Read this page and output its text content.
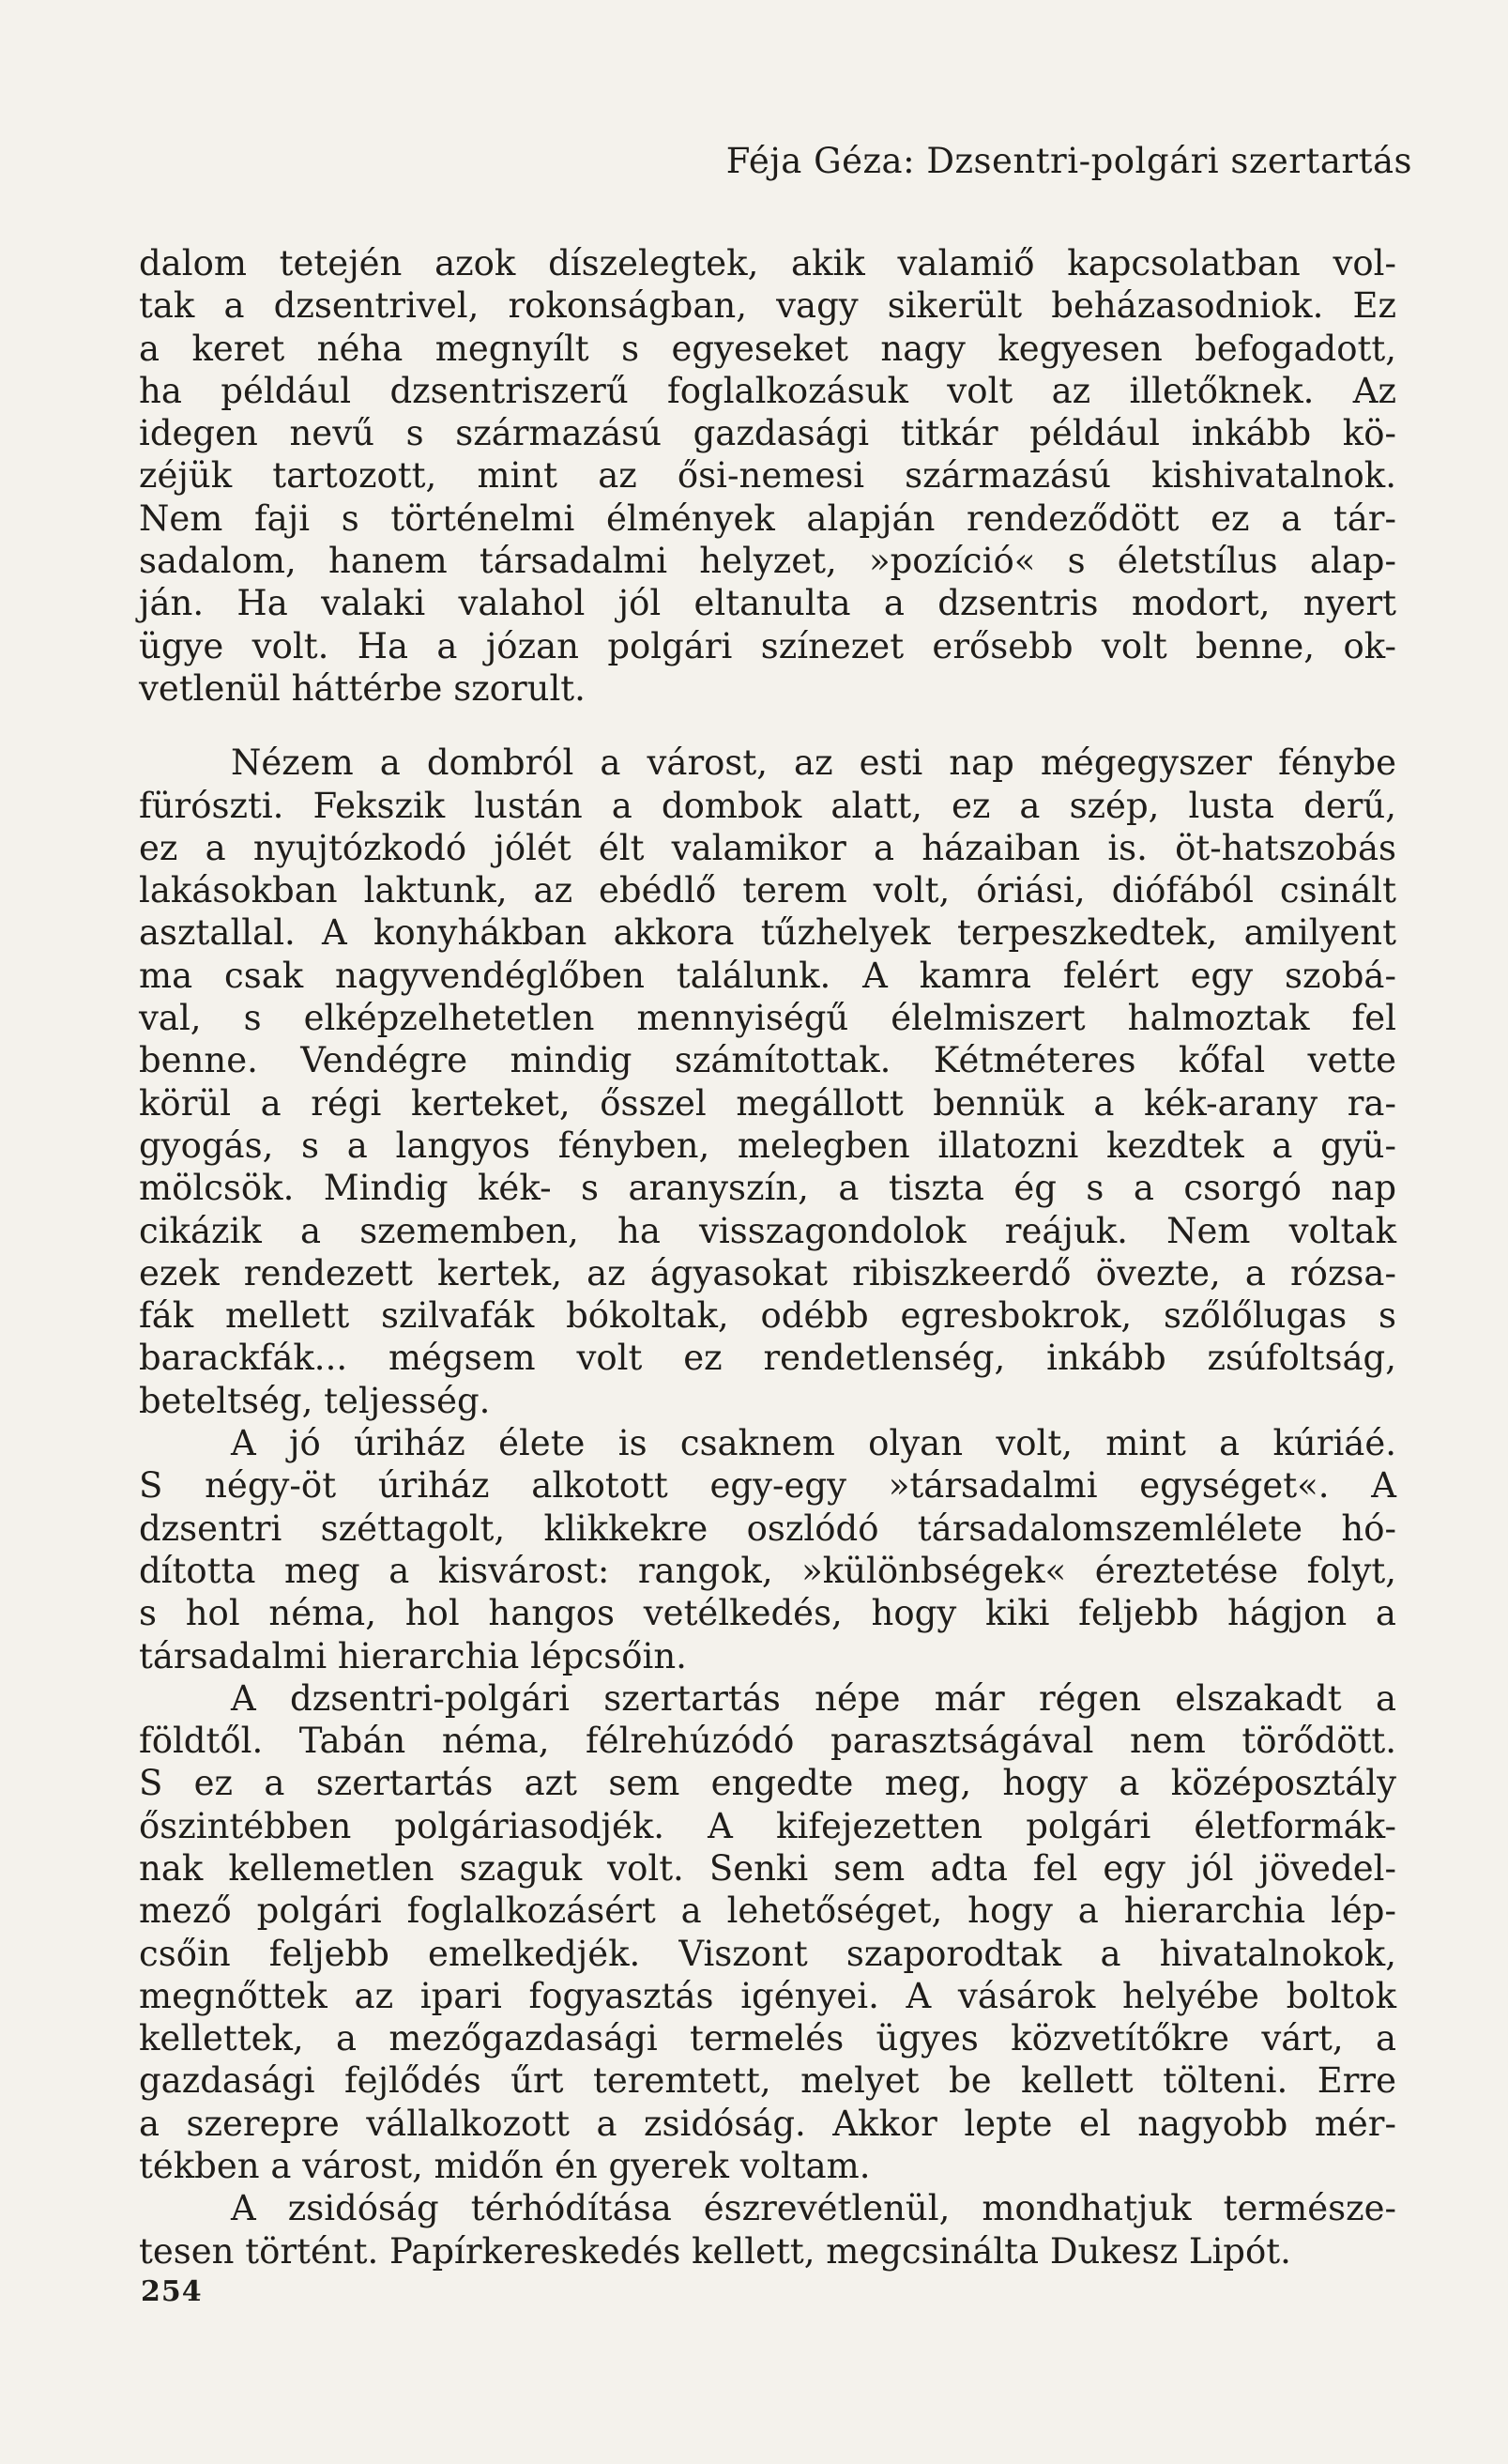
Féja Géza: Dzsentri-polgári szertartás
dalom tetején azok díszelegtek, akik valamiő kapcsolatban vol-
tak a dzsentrivel, rokonságban, vagy sikerült beházasodniok. Ez
a keret néha megnyílt s egyeseket nagy kegyesen befogadott,
ha például dzsentriszerű foglalkozásuk volt az illetőknek. Az
idegen nevű s származású gazdasági titkár például inkább kö-
zéjük tartozott, mint az ősi-nemesi származású kishivatalnok.
Nem faji s történelmi élmények alapján rendeződött ez a tár-
sadalom, hanem társadalmi helyzet, »pozíció« s életstílus alap-
ján. Ha valaki valahol jól eltanulta a dzsentris modort, nyert
ügye volt. Ha a józan polgári színezet erősebb volt benne, ok-
vetlenül háttérbe szorult.
Nézem a dombról a várost, az esti nap mégegyszer fénybe
fürószti. Fekszik lustán a dombok alatt, ez a szép, lusta derű,
ez a nyujtózkodó jólét élt valamikor a házaiban is. öt-hatszobás
lakásokban laktunk, az ebédlő terem volt, óriási, diófából csinált
asztallal. A konyhákban akkora tűzhelyek terpeszkedtek, amilyent
ma csak nagyvendéglőben találunk. A kamra felért egy szobá-
val, s elképzelhetetlen mennyiségű élelmiszert halmoztak fel
benne. Vendégre mindig számítottak. Kétméteres kőfal vette
körül a régi kerteket, ősszel megállott bennük a kék-arany ra-
gyogás, s a langyos fényben, melegben illatozni kezdtek a gyü-
mölcsök. Mindig kék- s aranyszín, a tiszta ég s a csorgó nap
cikázik a szememben, ha visszagondolok reájuk. Nem voltak
ezek rendezett kertek, az ágyasokat ribiszkeerdő övezte, a rózsa-
fák mellett szilvafák bókoltak, odébb egresbokrok, szőlőlugas s
barackfák... mégsem volt ez rendetlenség, inkább zsúfoltság,
beteltség, teljesség.
A jó úriház élete is csaknem olyan volt, mint a kúriáé.
S négy-öt úriház alkotott egy-egy »társadalmi egységet«. A
dzsentri széttagolt, klikkekre oszlódó társadalomszemlélete hó-
dította meg a kisvárost: rangok, »különbségek« éreztetése folyt,
s hol néma, hol hangos vetélkedés, hogy kiki feljebb hágjon a
társadalmi hierarchia lépcsőin.
A dzsentri-polgári szertartás népe már régen elszakadt a
földtől. Tabán néma, félrehúzódó parasztságával nem törődött.
S ez a szertartás azt sem engedte meg, hogy a középosztály
őszintébben polgáriasodjék. A kifejezetten polgári életformák-
nak kellemetlen szaguk volt. Senki sem adta fel egy jól jövedel-
mező polgári foglalkozásért a lehetőséget, hogy a hierarchia lép-
csőin feljebb emelkedjék. Viszont szaporodtak a hivatalnokok,
megnőttek az ipari fogyasztás igényei. A vásárok helyébe boltok
kellettek, a mezőgazdasági termelés ügyes közvetítőkre várt, a
gazdasági fejlődés űrt teremtett, melyet be kellett tölteni. Erre
a szerepre vállalkozott a zsidóság. Akkor lepte el nagyobb mér-
tékben a várost, midőn én gyerek voltam.
A zsidóság térhódítása észrevétlenül, mondhatjuk természe-
tesen történt. Papírkereskedés kellett, megcsinálta Dukesz Lipót.
254
